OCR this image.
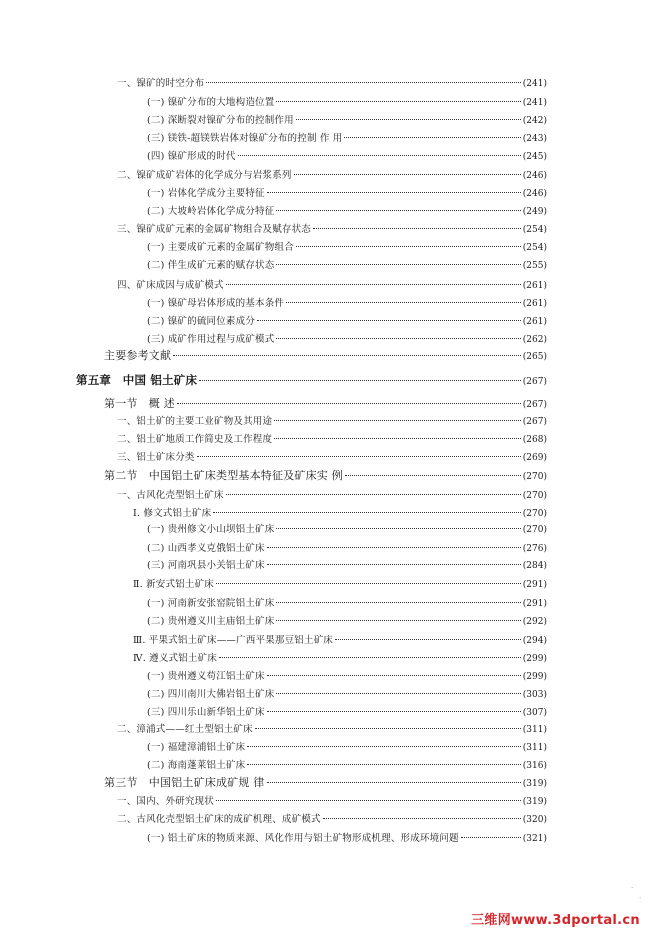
一、镍矿的时空分布	(241)
(一) 镍矿分布的大地构造位置	(241)
(二) 深断裂对镍矿分布的控制作用	(242)
(三) 镁铁-超镁铁岩体对镍矿分布的控制 作 用	(243)
(四) 镍矿形成的时代	(245)
二、镍矿成矿岩体的化学成分与岩浆系列	(246)
(一) 岩体化学成分主要特征	(246)
(二) 大坡岭岩体化学成分特征	(249)
三、镍矿成矿元素的金属矿物组合及赋存状态	(254)
(一) 主要成矿元素的金属矿物组合	(254)
(二) 伴生成矿元素的赋存状态	(255)
四、矿床成因与成矿模式	(261)
(一) 镍矿母岩体形成的基本条件	(261)
(二) 镍矿的硫同位素成分	(261)
(三) 成矿作用过程与成矿模式	(262)
主要参考文献	(265)
第五章　中国 铝土矿床	(267)
第一节　概 述	(267)
一、铝土矿的主要工业矿物及其用途	(267)
二、铝土矿地质工作简史及工作程度	(268)
三、铝土矿床分类	(269)
第二节　中国铝土矿床类型基本特征及矿床实 例	(270)
一、古风化壳型铝土矿床	(270)
Ⅰ. 修文式铝土矿床	(270)
(一) 贵州修文小山坝铝土矿床	(270)
(二) 山西孝义克俄铝土矿床	(276)
(三) 河南巩县小关铝土矿床	(284)
Ⅱ. 新安式铝土矿床	(291)
(一) 河南新安张窑院铝土矿床	(291)
(二) 贵州遵义川主庙铝土矿床	(292)
Ⅲ. 平果式铝土矿床——广西平果那豆铝土矿床	(294)
Ⅳ. 遵义式铝土矿床	(299)
(一) 贵州遵义苟江铝土矿床	(299)
(二) 四川南川大佛岩铝土矿床	(303)
(三) 四川乐山新华铝土矿床	(307)
二、漳浦式——红土型铝土矿床	(311)
(一) 福建漳浦铝土矿床	(311)
(二) 海南蓬莱铝土矿床	(316)
第三节　中国铝土矿床成矿规 律	(319)
一、国内、外研究现状	(319)
二、古风化壳型铝土矿床的成矿机理、成矿模式	(320)
(一) 铝土矿床的物质来源、风化作用与铝土矿物形成机理、形成环境问题	(321)
三维网www.3dportal.cn
·
·
